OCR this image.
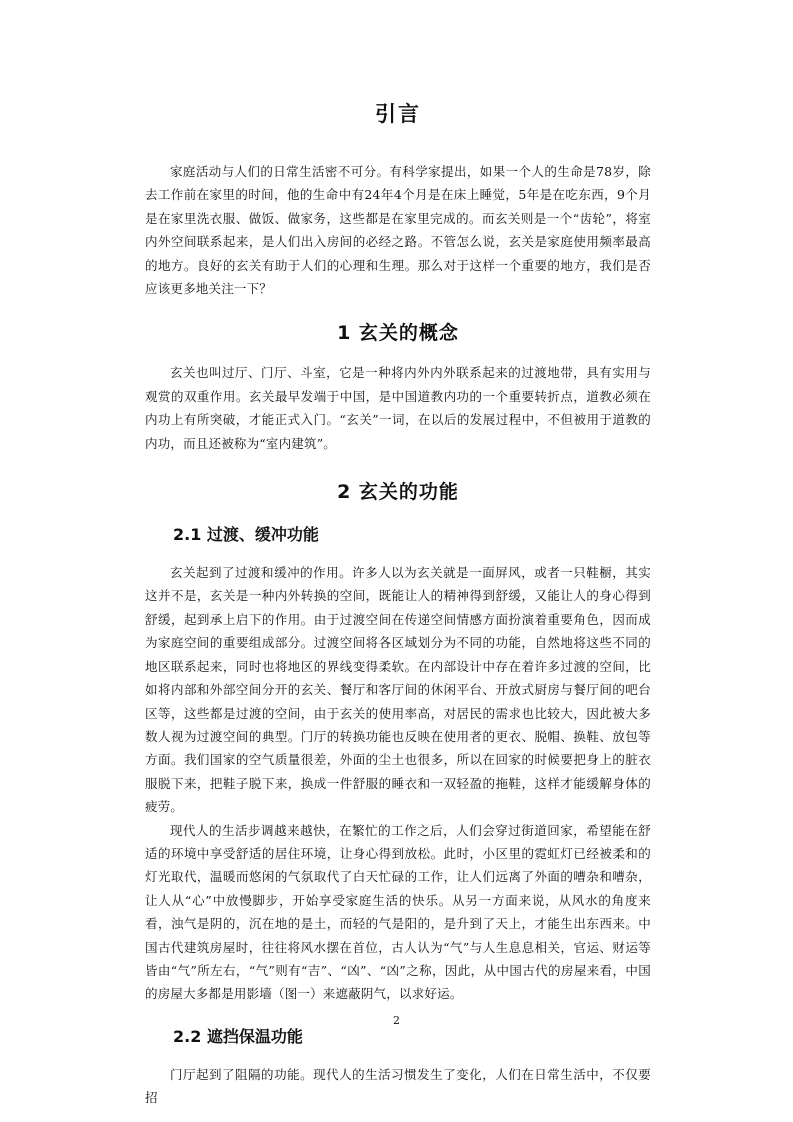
引言

家庭活动与人们的日常生活密不可分。有科学家提出，如果一个人的生命是78岁，除去工作前在家里的时间，他的生命中有24年4个月是在床上睡觉，5年是在吃东西，9个月是在家里洗衣服、做饭、做家务，这些都是在家里完成的。而玄关则是一个“齿轮”，将室内外空间联系起来，是人们出入房间的必经之路。不管怎么说，玄关是家庭使用频率最高的地方。良好的玄关有助于人们的心理和生理。那么对于这样一个重要的地方，我们是否应该更多地关注一下？

1 玄关的概念

玄关也叫过厅、门厅、斗室，它是一种将内外内外联系起来的过渡地带，具有实用与观赏的双重作用。玄关最早发端于中国，是中国道教内功的一个重要转折点，道教必须在内功上有所突破，才能正式入门。“玄关”一词，在以后的发展过程中，不但被用于道教的内功，而且还被称为“室内建筑”。

2 玄关的功能
2.1 过渡、缓冲功能

玄关起到了过渡和缓冲的作用。许多人以为玄关就是一面屏风，或者一只鞋橱，其实这并不是，玄关是一种内外转换的空间，既能让人的精神得到舒缓，又能让人的身心得到舒缓，起到承上启下的作用。由于过渡空间在传递空间情感方面扮演着重要角色，因而成为家庭空间的重要组成部分。过渡空间将各区域划分为不同的功能，自然地将这些不同的地区联系起来，同时也将地区的界线变得柔软。在内部设计中存在着许多过渡的空间，比如将内部和外部空间分开的玄关、餐厅和客厅间的休闲平台、开放式厨房与餐厅间的吧台区等，这些都是过渡的空间，由于玄关的使用率高，对居民的需求也比较大，因此被大多数人视为过渡空间的典型。门厅的转换功能也反映在使用者的更衣、脱帽、换鞋、放包等方面。我们国家的空气质量很差，外面的尘土也很多，所以在回家的时候要把身上的脏衣服脱下来，把鞋子脱下来，换成一件舒服的睡衣和一双轻盈的拖鞋，这样才能缓解身体的疲劳。

现代人的生活步调越来越快，在繁忙的工作之后，人们会穿过街道回家，希望能在舒适的环境中享受舒适的居住环境，让身心得到放松。此时，小区里的霓虹灯已经被柔和的灯光取代，温暖而悠闲的气氛取代了白天忙碌的工作，让人们远离了外面的嘈杂和嘈杂，让人从“心”中放慢脚步，开始享受家庭生活的快乐。从另一方面来说，从风水的角度来看，浊气是阴的，沉在地的是土，而轻的气是阳的，是升到了天上，才能生出东西来。中国古代建筑房屋时，往往将风水摆在首位，古人认为“气”与人生息息相关，官运、财运等皆由“气”所左右，“气”则有“吉”、“凶”、“凶”之称，因此，从中国古代的房屋来看，中国的房屋大多都是用影墙（图一）来遮蔽阴气，以求好运。

2.2 遮挡保温功能

门厅起到了阻隔的功能。现代人的生活习惯发生了变化，人们在日常生活中，不仅要招

2
